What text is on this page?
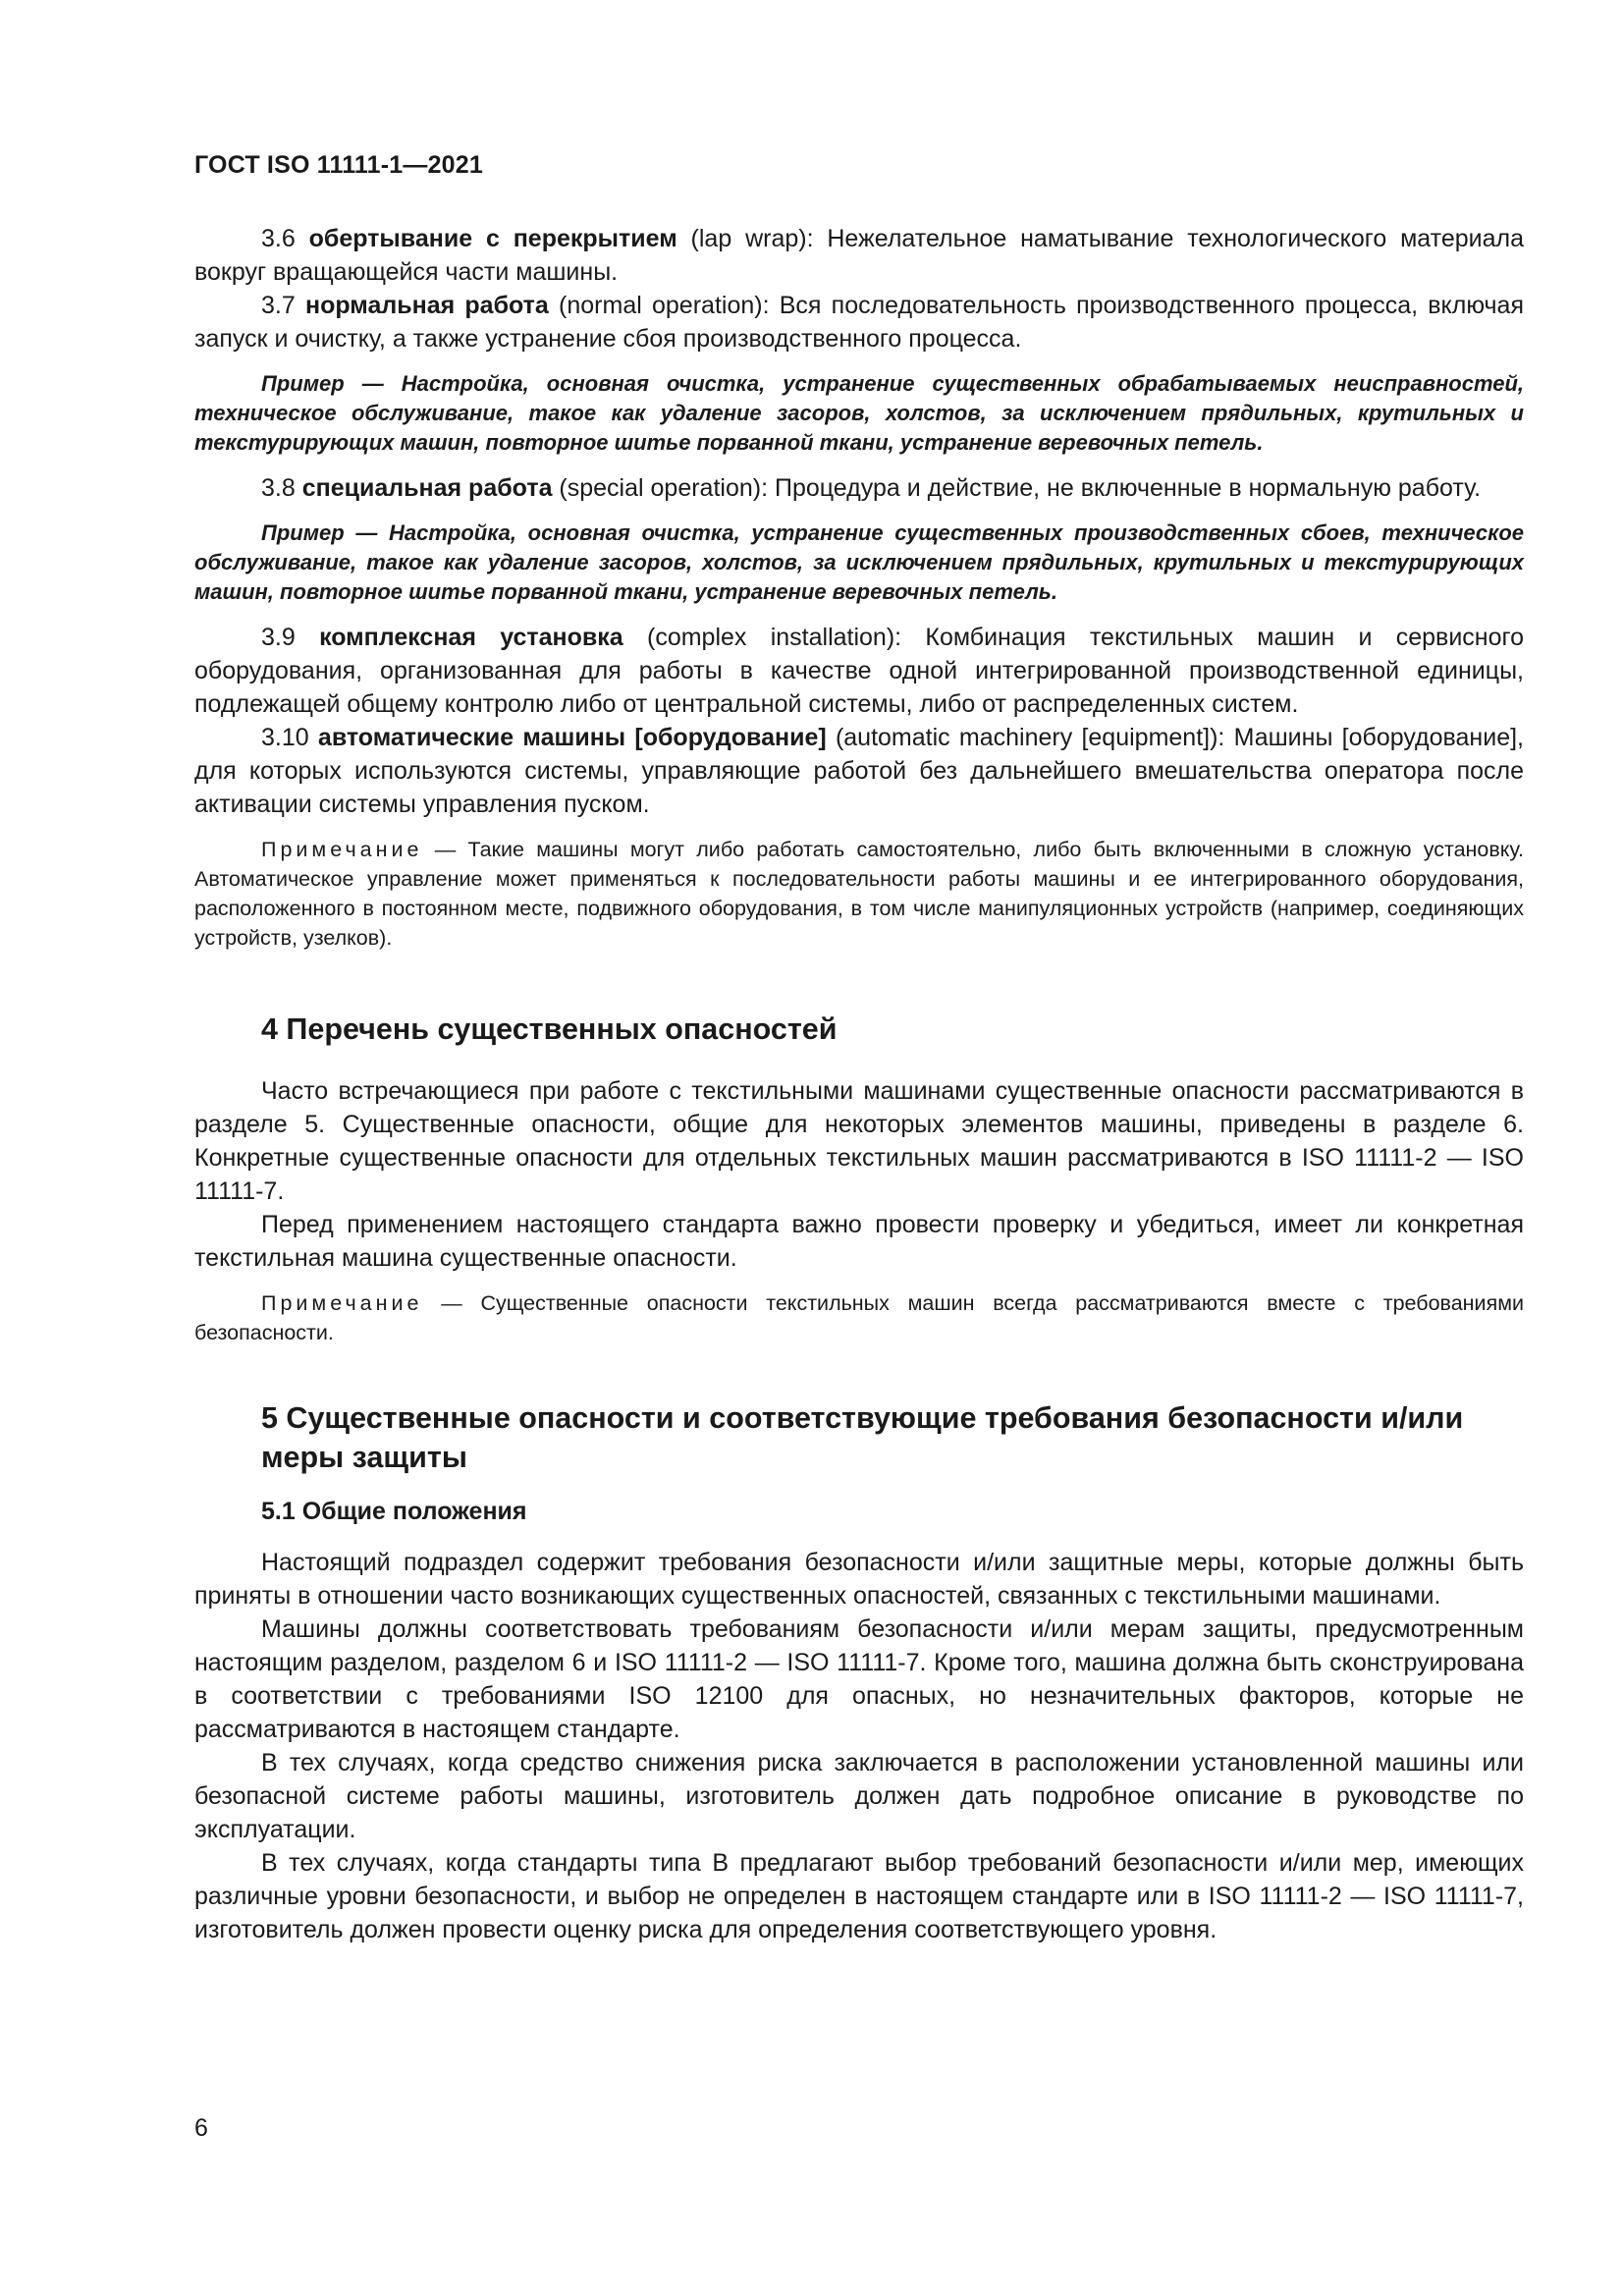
ГОСТ ISO 11111-1—2021

3.6 обертывание с перекрытием (lap wrap): Нежелательное наматывание технологического материала вокруг вращающейся части машины.

3.7 нормальная работа (normal operation): Вся последовательность производственного процесса, включая запуск и очистку, а также устранение сбоя производственного процесса.

Пример — Настройка, основная очистка, устранение существенных обрабатываемых неисправностей, техническое обслуживание, такое как удаление засоров, холстов, за исключением прядильных, крутильных и текстурирующих машин, повторное шитье порванной ткани, устранение веревочных петель.

3.8 специальная работа (special operation): Процедура и действие, не включенные в нормальную работу.

Пример — Настройка, основная очистка, устранение существенных производственных сбоев, техническое обслуживание, такое как удаление засоров, холстов, за исключением прядильных, крутильных и текстурирующих машин, повторное шитье порванной ткани, устранение веревочных петель.

3.9 комплексная установка (complex installation): Комбинация текстильных машин и сервисного оборудования, организованная для работы в качестве одной интегрированной производственной единицы, подлежащей общему контролю либо от центральной системы, либо от распределенных систем.

3.10 автоматические машины [оборудование] (automatic machinery [equipment]): Машины [оборудование], для которых используются системы, управляющие работой без дальнейшего вмешательства оператора после активации системы управления пуском.

Примечание — Такие машины могут либо работать самостоятельно, либо быть включенными в сложную установку. Автоматическое управление может применяться к последовательности работы машины и ее интегрированного оборудования, расположенного в постоянном месте, подвижного оборудования, в том числе манипуляционных устройств (например, соединяющих устройств, узелков).

4 Перечень существенных опасностей

Часто встречающиеся при работе с текстильными машинами существенные опасности рассматриваются в разделе 5. Существенные опасности, общие для некоторых элементов машины, приведены в разделе 6. Конкретные существенные опасности для отдельных текстильных машин рассматриваются в ISO 11111-2 — ISO 11111-7.

Перед применением настоящего стандарта важно провести проверку и убедиться, имеет ли конкретная текстильная машина существенные опасности.

Примечание — Существенные опасности текстильных машин всегда рассматриваются вместе с требованиями безопасности.

5 Существенные опасности и соответствующие требования безопасности и/или меры защиты
5.1 Общие положения

Настоящий подраздел содержит требования безопасности и/или защитные меры, которые должны быть приняты в отношении часто возникающих существенных опасностей, связанных с текстильными машинами.

Машины должны соответствовать требованиям безопасности и/или мерам защиты, предусмотренным настоящим разделом, разделом 6 и ISO 11111-2 — ISO 11111-7. Кроме того, машина должна быть сконструирована в соответствии с требованиями ISO 12100 для опасных, но незначительных факторов, которые не рассматриваются в настоящем стандарте.

В тех случаях, когда средство снижения риска заключается в расположении установленной машины или безопасной системе работы машины, изготовитель должен дать подробное описание в руководстве по эксплуатации.

В тех случаях, когда стандарты типа В предлагают выбор требований безопасности и/или мер, имеющих различные уровни безопасности, и выбор не определен в настоящем стандарте или в ISO 11111-2 — ISO 11111-7, изготовитель должен провести оценку риска для определения соответствующего уровня.

6
